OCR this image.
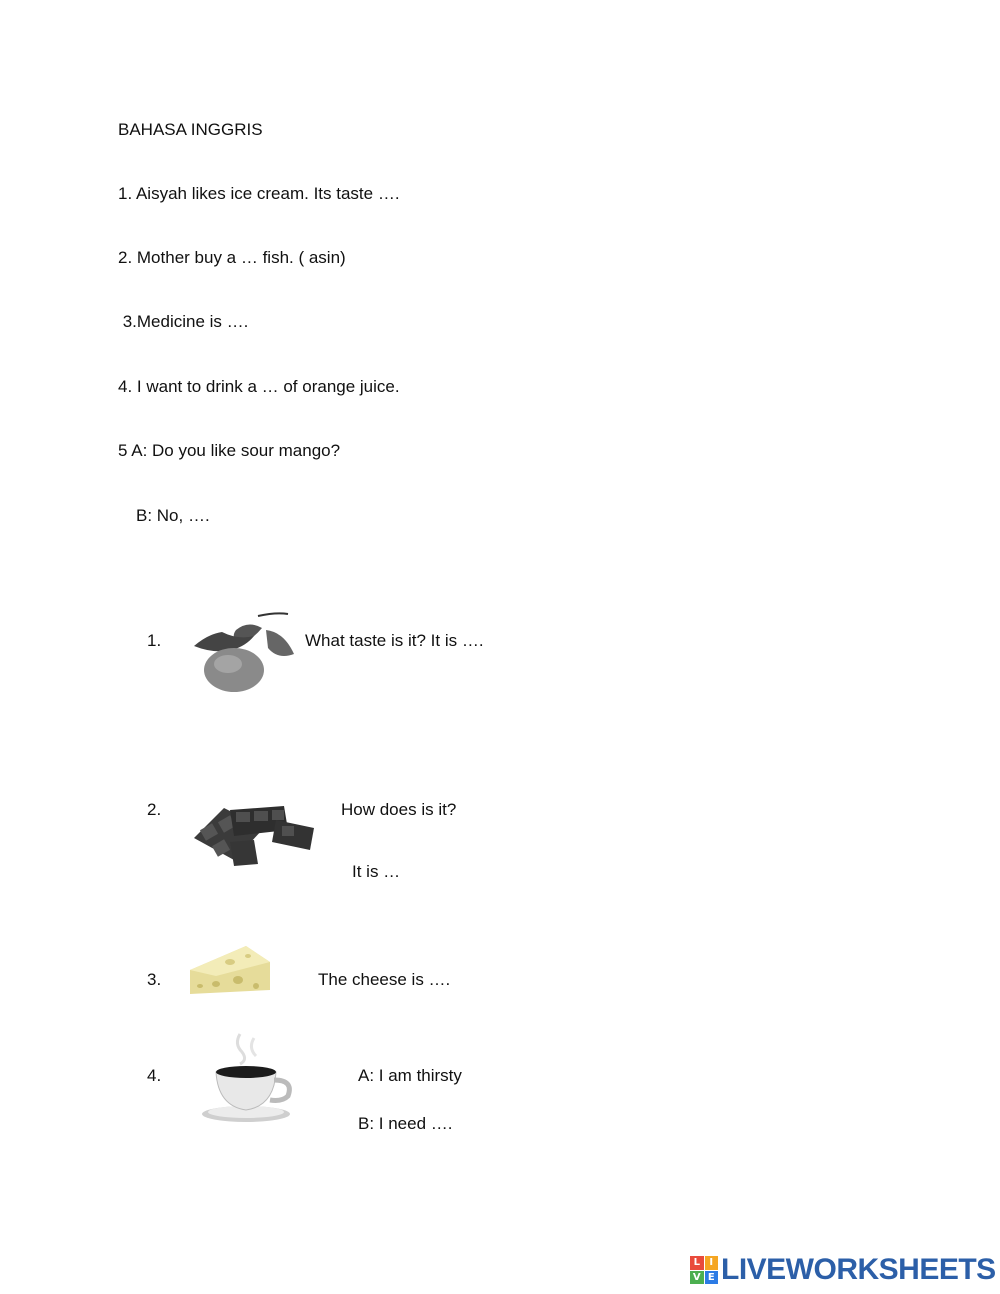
BAHASA INGGRIS
1. Aisyah likes ice cream. Its taste ….
2. Mother buy a … fish. ( asin)
3.Medicine is ….
4. I want to drink a … of orange juice.
5 A: Do you like sour mango?
B: No, ….
1.	What taste is it? It is ….
2.	How does is it?
It is …
3.	The cheese is ….
4.	A: I am thirsty
B: I need ….
L I
V E LIVEWORKSHEETS
